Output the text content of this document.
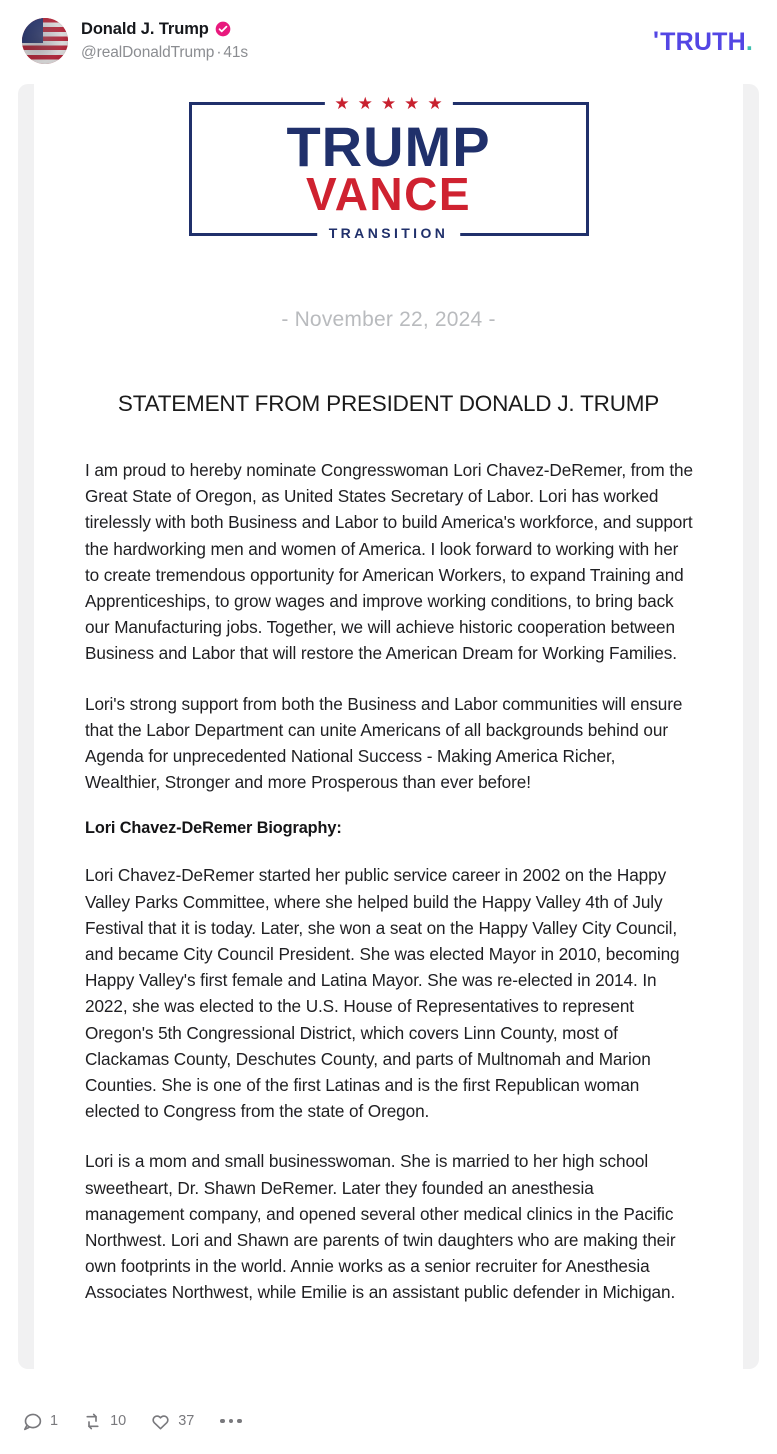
Donald J. Trump
@realDonaldTrump · 41s	' TRUTH .
★ ★ ★ ★ ★
TRUMP
VANCE
TRANSITION
- November 22, 2024 -
STATEMENT FROM PRESIDENT DONALD J. TRUMP

I am proud to hereby nominate Congresswoman Lori Chavez-DeRemer, from the Great State of Oregon, as United States Secretary of Labor. Lori has worked tirelessly with both Business and Labor to build America's workforce, and support the hardworking men and women of America. I look forward to working with her to create tremendous opportunity for American Workers, to expand Training and Apprenticeships, to grow wages and improve working conditions, to bring back our Manufacturing jobs. Together, we will achieve historic cooperation between Business and Labor that will restore the American Dream for Working Families.

Lori's strong support from both the Business and Labor communities will ensure that the Labor Department can unite Americans of all backgrounds behind our Agenda for unprecedented National Success - Making America Richer, Wealthier, Stronger and more Prosperous than ever before!

Lori Chavez-DeRemer Biography:

Lori Chavez-DeRemer started her public service career in 2002 on the Happy Valley Parks Committee, where she helped build the Happy Valley 4th of July Festival that it is today. Later, she won a seat on the Happy Valley City Council, and became City Council President. She was elected Mayor in 2010, becoming Happy Valley's first female and Latina Mayor. She was re-elected in 2014. In 2022, she was elected to the U.S. House of Representatives to represent Oregon's 5th Congressional District, which covers Linn County, most of Clackamas County, Deschutes County, and parts of Multnomah and Marion Counties. She is one of the first Latinas and is the first Republican woman elected to Congress from the state of Oregon.

Lori is a mom and small businesswoman. She is married to her high school sweetheart, Dr. Shawn DeRemer. Later they founded an anesthesia management company, and opened several other medical clinics in the Pacific Northwest. Lori and Shawn are parents of twin daughters who are making their own footprints in the world. Annie works as a senior recruiter for Anesthesia Associates Northwest, while Emilie is an assistant public defender in Michigan.

1	10	37
